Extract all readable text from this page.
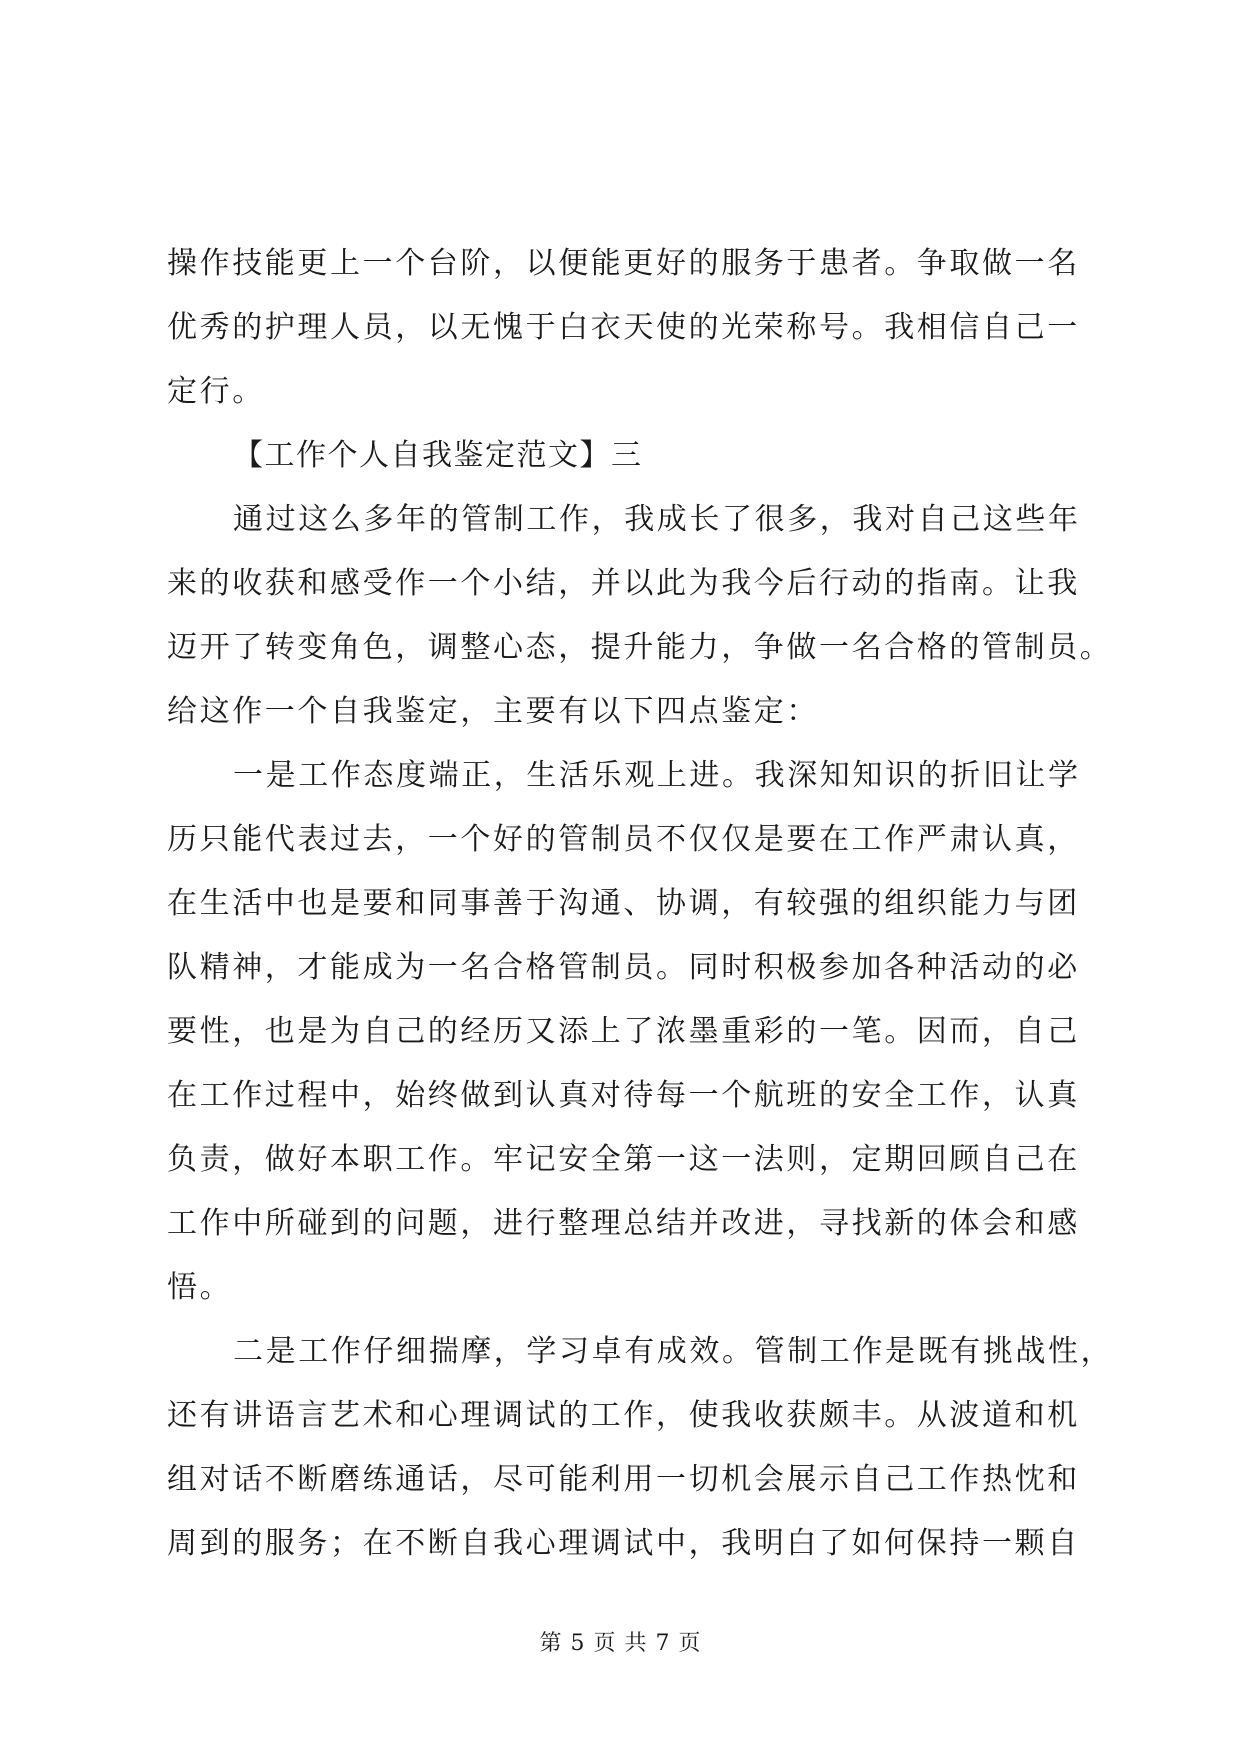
操作技能更上一个台阶，以便能更好的服务于患者。争取做一名
优秀的护理人员，以无愧于白衣天使的光荣称号。我相信自己一
定行。
【工作个人自我鉴定范文】三
通过这么多年的管制工作，我成长了很多，我对自己这些年
来的收获和感受作一个小结，并以此为我今后行动的指南。让我
迈开了转变角色，调整心态，提升能力，争做一名合格的管制员。
给这作一个自我鉴定，主要有以下四点鉴定：
一是工作态度端正，生活乐观上进。我深知知识的折旧让学
历只能代表过去，一个好的管制员不仅仅是要在工作严肃认真，
在生活中也是要和同事善于沟通、协调，有较强的组织能力与团
队精神，才能成为一名合格管制员。同时积极参加各种活动的必
要性，也是为自己的经历又添上了浓墨重彩的一笔。因而，自己
在工作过程中，始终做到认真对待每一个航班的安全工作，认真
负责，做好本职工作。牢记安全第一这一法则，定期回顾自己在
工作中所碰到的问题，进行整理总结并改进，寻找新的体会和感
悟。
二是工作仔细揣摩，学习卓有成效。管制工作是既有挑战性，
还有讲语言艺术和心理调试的工作，使我收获颇丰。从波道和机
组对话不断磨练通话，尽可能利用一切机会展示自己工作热忱和
周到的服务；在不断自我心理调试中，我明白了如何保持一颗自
第 5 页 共 7 页
